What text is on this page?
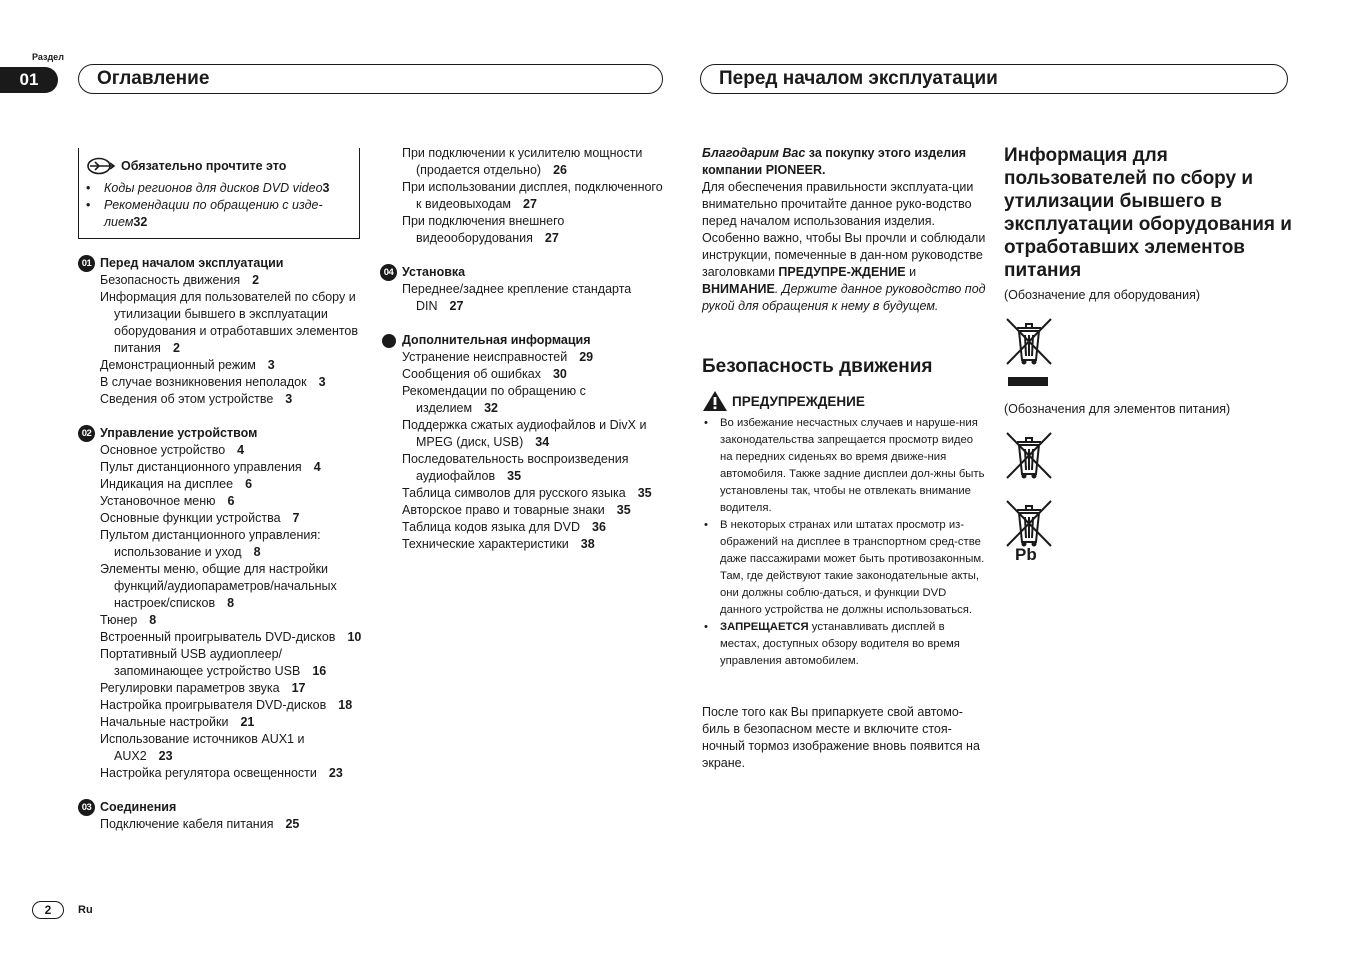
Раздел
01	Оглавление	Перед началом эксплуатации
Обязательно прочтите это
• Коды регионов для дисков DVD video3
• Рекомендации по обращению с изде-лием32
01 Перед началом эксплуатации
Безопасность движения 2
Информация для пользователей по сбору и утилизации бывшего в эксплуатации оборудования и отработавших элементов питания 2
Демонстрационный режим 3
В случае возникновения неполадок 3
Сведения об этом устройстве 3
02 Управление устройством
Основное устройство 4
Пульт дистанционного управления 4
Индикация на дисплее 6
Установочное меню 6
Основные функции устройства 7
Пультом дистанционного управления: использование и уход 8
Элементы меню, общие для настройки функций/аудиопараметров/начальных настроек/списков 8
Тюнер 8
Встроенный проигрыватель DVD-дисков 10
Портативный USB аудиоплеер/ запоминающее устройство USB 16
Регулировки параметров звука 17
Настройка проигрывателя DVD-дисков 18
Начальные настройки 21
Использование источников AUX1 и AUX2 23
Настройка регулятора освещенности 23
03 Соединения
Подключение кабеля питания 25
При подключении к усилителю мощности (продается отдельно) 26
При использовании дисплея, подключенного к видеовыходам 27
При подключения внешнего видеооборудования 27
04 Установка
Переднее/заднее крепление стандарта DIN 27
Дополнительная информация
Устранение неисправностей 29
Сообщения об ошибках 30
Рекомендации по обращению с изделием 32
Поддержка сжатых аудиофайлов и DivX и MPEG (диск, USB) 34
Последовательность воспроизведения аудиофайлов 35
Таблица символов для русского языка 35
Авторское право и товарные знаки 35
Таблица кодов языка для DVD 36
Технические характеристики 38
Благодарим Вас за покупку этого изделия компании PIONEER.
Для обеспечения правильности эксплуата-ции внимательно прочитайте данное руко-водство перед началом использования изделия. Особенно важно, чтобы Вы прочли и соблюдали инструкции, помеченные в дан-ном руководстве заголовками ПРЕДУПРЕ-ЖДЕНИЕ и ВНИМАНИЕ. Держите данное руководство под рукой для обращения к нему в будущем.
Безопасность движения
ПРЕДУПРЕЖДЕНИЕ
• Во избежание несчастных случаев и наруше-ния законодательства запрещается просмотр видео на передних сиденьях во время движе-ния автомобиля. Также задние дисплеи дол-жны быть установлены так, чтобы не отвлекать внимание водителя.
• В некоторых странах или штатах просмотр из-ображений на дисплее в транспортном сред-стве даже пассажирами может быть противозаконным. Там, где действуют такие законодательные акты, они должны соблю-даться, и функции DVD данного устройства не должны использоваться.
• ЗАПРЕЩАЕТСЯ устанавливать дисплей в местах, доступных обзору водителя во время управления автомобилем.
После того как Вы припаркуете свой автомо-биль в безопасном месте и включите стоя-ночный тормоз изображение вновь появится на экране.
Информация для пользователей по сбору и утилизации бывшего в эксплуатации оборудования и отработавших элементов питания
(Обозначение для оборудования)
(Обозначения для элементов питания)
Pb
2	Ru
